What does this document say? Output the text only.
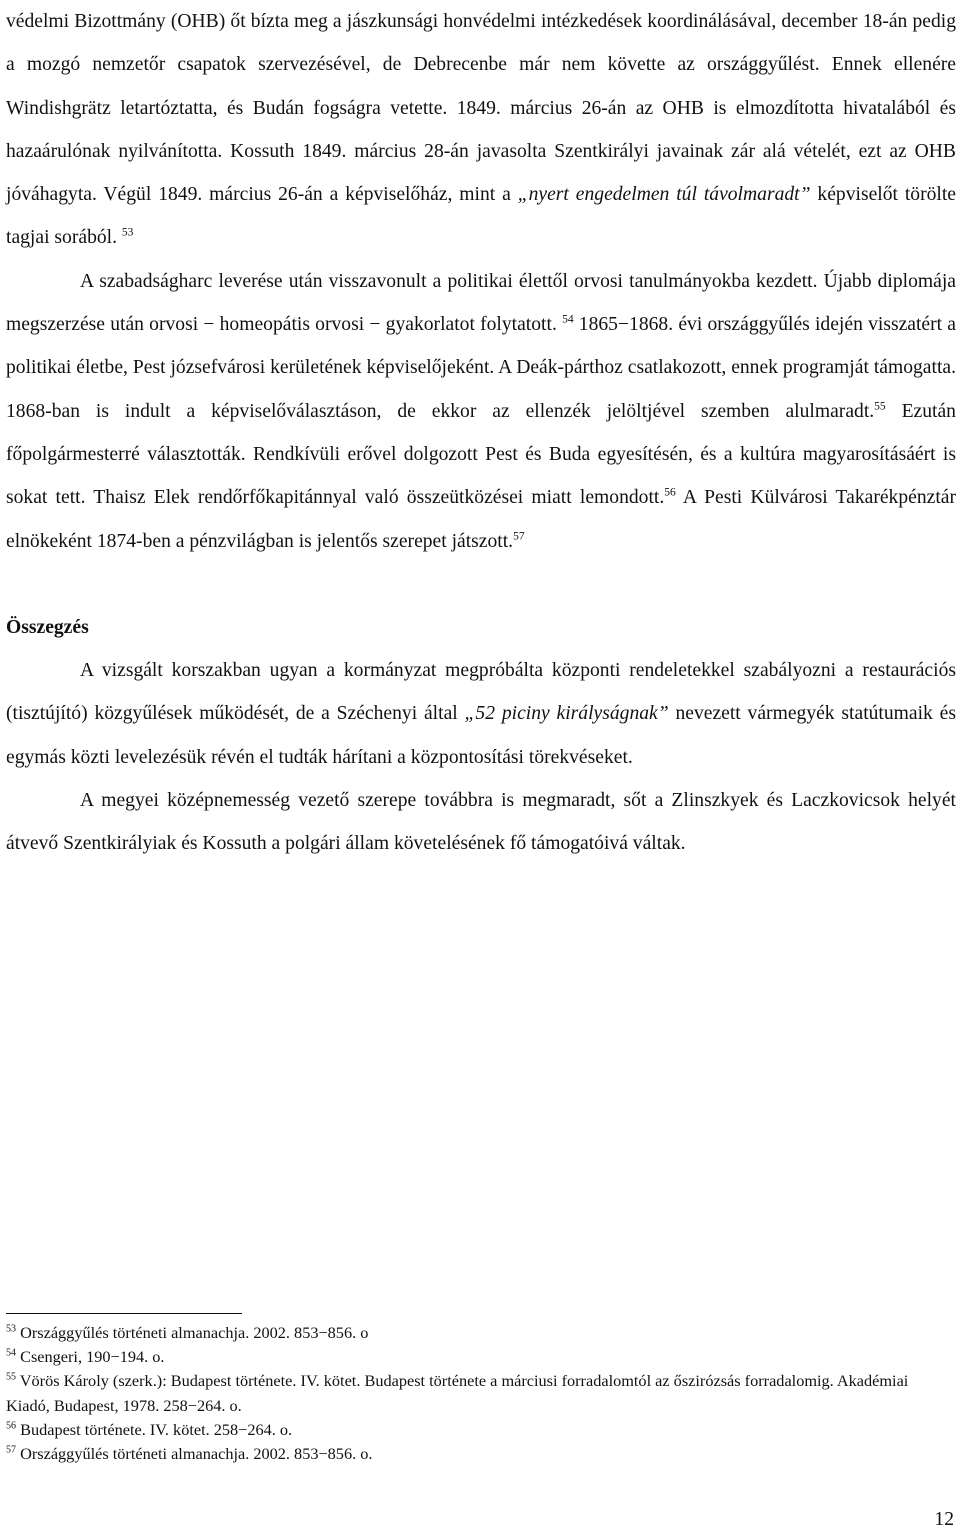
védelmi Bizottmány (OHB) őt bízta meg a jászkunsági honvédelmi intézkedések koordinálásával, december 18-án pedig a mozgó nemzetőr csapatok szervezésével, de Debrecenbe már nem követte az országgyűlést. Ennek ellenére Windishgrätz letartóztatta, és Budán fogságra vetette. 1849. március 26-án az OHB is elmozdította hivatalából és hazaárulónak nyilvánította. Kossuth 1849. március 28-án javasolta Szentkirályi javainak zár alá vételét, ezt az OHB jóváhagyta. Végül 1849. március 26-án a képviselőház, mint a „nyert engedelmen túl távolmaradt” képviselőt törölte tagjai sorából. $^{53}$

A szabadságharc leverése után visszavonult a politikai élettől orvosi tanulmányokba kezdett. Újabb diplomája megszerzése után orvosi − homeopátis orvosi − gyakorlatot folytatott. $^{54}$ 1865−1868. évi országgyűlés idején visszatért a politikai életbe, Pest józsefvárosi kerületének képviselőjeként. A Deák-párthoz csatlakozott, ennek programját támogatta. 1868-ban is indult a képviselőválasztáson, de ekkor az ellenzék jelöltjével szemben alulmaradt.$^{55}$ Ezután főpolgármesterré választották. Rendkívüli erővel dolgozott Pest és Buda egyesítésén, és a kultúra magyarosításáért is sokat tett. Thaisz Elek rendőrfőkapitánnyal való összeütközései miatt lemondott.$^{56}$ A Pesti Külvárosi Takarékpénztár elnökeként 1874-ben a pénzvilágban is jelentős szerepet játszott.$^{57}$

Összegzés

A vizsgált korszakban ugyan a kormányzat megpróbálta központi rendeletekkel szabályozni a restaurációs (tisztújító) közgyűlések működését, de a Széchenyi által „52 piciny királyságnak” nevezett vármegyék statútumaik és egymás közti levelezésük révén el tudták hárítani a központosítási törekvéseket.

A megyei középnemesség vezető szerepe továbbra is megmaradt, sőt a Zlinszkyek és Laczkovicsok helyét átvevő Szentkirályiak és Kossuth a polgári állam követelésének fő támogatóivá váltak.

$^{53}$ Országgyűlés történeti almanachja. 2002. 853−856. o

$^{54}$ Csengeri, 190−194. o.

$^{55}$ Vörös Károly (szerk.): Budapest története. IV. kötet. Budapest története a márciusi forradalomtól az őszirózsás forradalomig. Akadémiai Kiadó, Budapest, 1978. 258−264. o.

$^{56}$ Budapest története. IV. kötet. 258−264. o.

$^{57}$ Országgyűlés történeti almanachja. 2002. 853−856. o.

12
